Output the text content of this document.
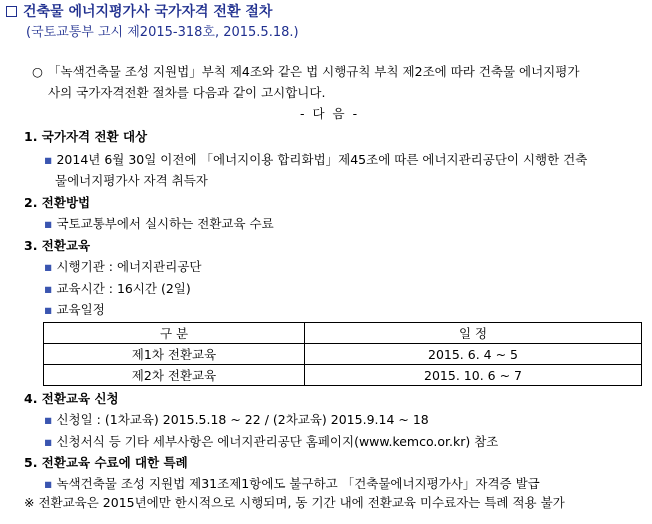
건축물 에너지평가사 국가자격 전환 절차
(국토교통부 고시 제2015-318호, 2015.5.18.)
○ 「녹색건축물 조성 지원법」부칙 제4조와 같은 법 시행규칙 부칙 제2조에 따라 건축물 에너지평가
사의 국가자격전환 절차를 다음과 같이 고시합니다.
- 다 음 -
1. 국가자격 전환 대상
▪ 2014년 6월 30일 이전에 「에너지이용 합리화법」제45조에 따른 에너지관리공단이 시행한 건축
물에너지평가사 자격 취득자
2. 전환방법
▪ 국토교통부에서 실시하는 전환교육 수료
3. 전환교육
▪ 시행기관 : 에너지관리공단
▪ 교육시간 : 16시간 (2일)
▪ 교육일정
구 분	일 정
제1차 전환교육	2015. 6. 4 ~ 5
제2차 전환교육	2015. 10. 6 ~ 7
4. 전환교육 신청
▪ 신청일 : (1차교육) 2015.5.18 ~ 22 / (2차교육) 2015.9.14 ~ 18
▪ 신청서식 등 기타 세부사항은 에너지관리공단 홈페이지(www.kemco.or.kr) 참조
5. 전환교육 수료에 대한 특례
▪ 녹색건축물 조성 지원법 제31조제1항에도 불구하고 「건축물에너지평가사」자격증 발급
※ 전환교육은 2015년에만 한시적으로 시행되며, 동 기간 내에 전환교육 미수료자는 특례 적용 불가
